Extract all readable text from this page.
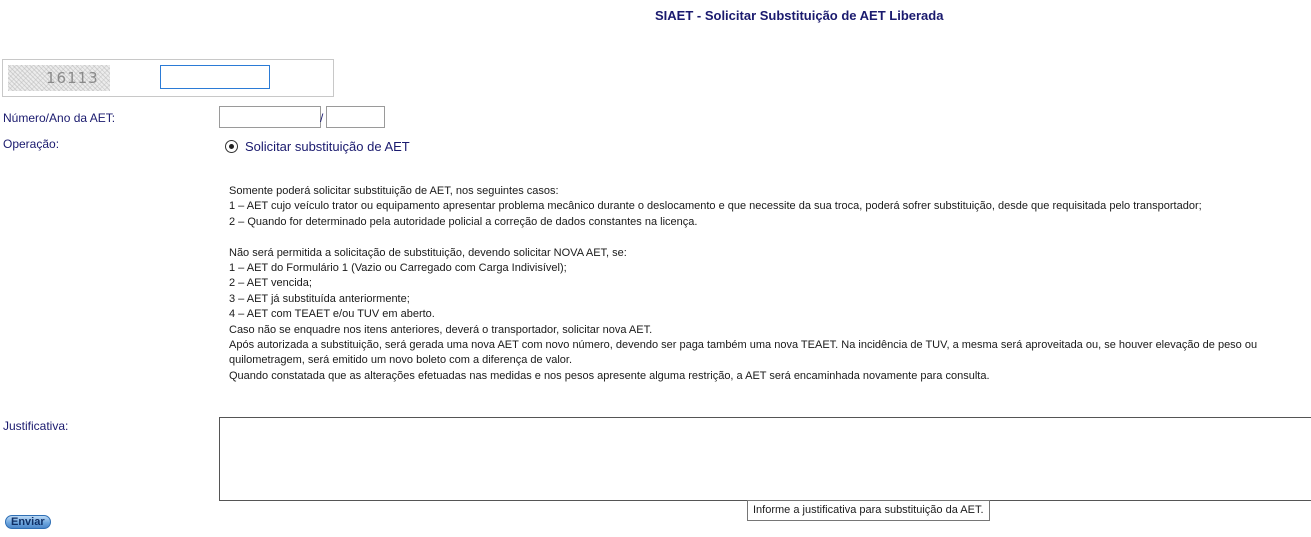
SIAET - Solicitar Substituição de AET Liberada
16113
Número/Ano da AET:	/
Operação:	Solicitar substituição de AET
Somente poderá solicitar substituição de AET, nos seguintes casos:
1 – AET cujo veículo trator ou equipamento apresentar problema mecânico durante o deslocamento e que necessite da sua troca, poderá sofrer substituição, desde que requisitada pelo transportador;
2 – Quando for determinado pela autoridade policial a correção de dados constantes na licença.
Não será permitida a solicitação de substituição, devendo solicitar NOVA AET, se:
1 – AET do Formulário 1 (Vazio ou Carregado com Carga Indivisível);
2 – AET vencida;
3 – AET já substituída anteriormente;
4 – AET com TEAET e/ou TUV em aberto.
Caso não se enquadre nos itens anteriores, deverá o transportador, solicitar nova AET.
Após autorizada a substituição, será gerada uma nova AET com novo número, devendo ser paga também uma nova TEAET. Na incidência de TUV, a mesma será aproveitada ou, se houver elevação de peso ou quilometragem, será emitido um novo boleto com a diferença de valor.
Quando constatada que as alterações efetuadas nas medidas e nos pesos apresente alguma restrição, a AET será encaminhada novamente para consulta.
Justificativa:
Informe a justificativa para substituição da AET.
Enviar
